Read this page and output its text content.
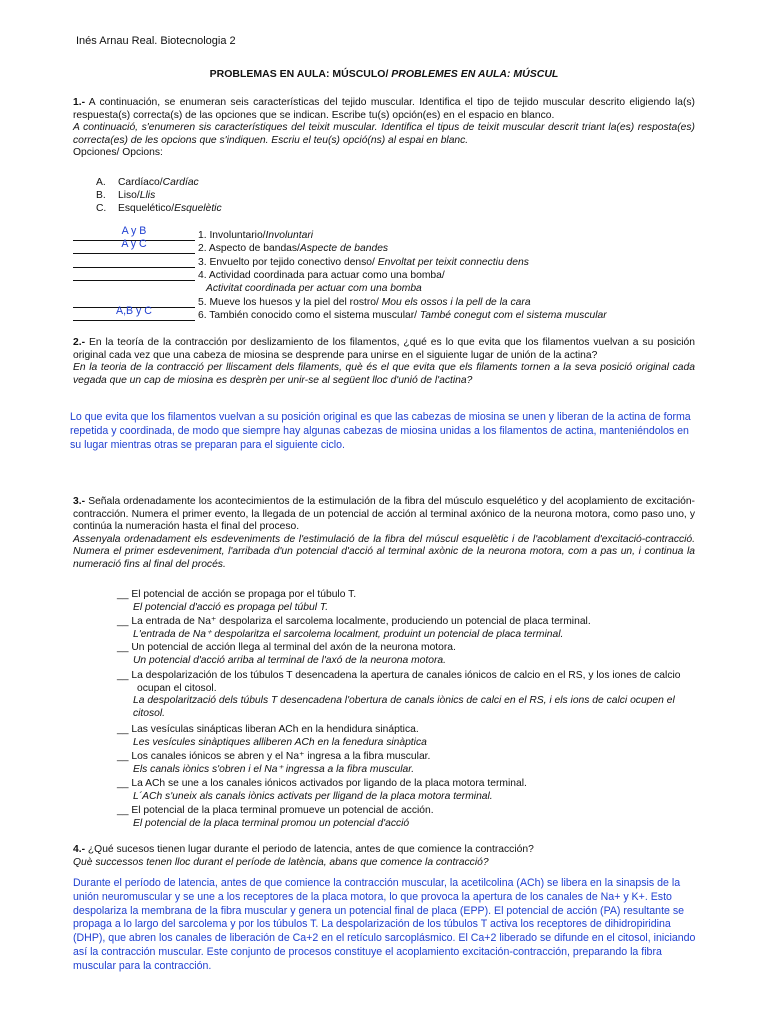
Inés Arnau Real. Biotecnologia 2
PROBLEMAS EN AULA: MÚSCULO/ PROBLEMES EN AULA: MÚSCUL
1.- A continuación, se enumeran seis características del tejido muscular. Identifica el tipo de tejido muscular descrito eligiendo la(s) respuesta(s) correcta(s) de las opciones que se indican. Escribe tu(s) opción(es) en el espacio en blanco.
A continuació, s'enumeren sis característiques del teixit muscular. Identifica el tipus de teixit muscular descrit triant la(es) resposta(es) correcta(es) de les opcions que s'indiquen. Escriu el teu(s) opció(ns) al espai en blanc.
Opciones/ Opcions:
A. Cardíaco/Cardíac
B. Liso/Llis
C. Esquelético/Esquelètic
A y B	1. Involuntario/Involuntari
A y C	2. Aspecto de bandas/Aspecte de bandes
3. Envuelto por tejido conectivo denso/ Envoltat per teixit connectiu dens
4. Actividad coordinada para actuar como una bomba/
Activitat coordinada per actuar com una bomba
5. Mueve los huesos y la piel del rostro/ Mou els ossos i la pell de la cara
A,B y C	6. También conocido como el sistema muscular/ També conegut com el sistema muscular
2.- En la teoría de la contracción por deslizamiento de los filamentos, ¿qué es lo que evita que los filamentos vuelvan a su posición original cada vez que una cabeza de miosina se desprende para unirse en el siguiente lugar de unión de la actina?
En la teoria de la contracció per lliscament dels filaments, què és el que evita que els filaments tornen a la seva posició original cada vegada que un cap de miosina es desprèn per unir-se al següent lloc d'unió de l'actina?
Lo que evita que los filamentos vuelvan a su posición original es que las cabezas de miosina se unen y liberan de la actina de forma repetida y coordinada, de modo que siempre hay algunas cabezas de miosina unidas a los filamentos de actina, manteniéndolos en su lugar mientras otras se preparan para el siguiente ciclo.
3.- Señala ordenadamente los acontecimientos de la estimulación de la fibra del músculo esquelético y del acoplamiento de excitación-contracción. Numera el primer evento, la llegada de un potencial de acción al terminal axónico de la neurona motora, como paso uno, y continúa la numeración hasta el final del proceso.
Assenyala ordenadament els esdeveniments de l'estimulació de la fibra del múscul esquelètic i de l'acoblament d'excitació-contracció. Numera el primer esdeveniment, l'arribada d'un potencial d'acció al terminal axònic de la neurona motora, com a pas un, i continua la numeració fins al final del procés.
__ El potencial de acción se propaga por el túbulo T.
El potencial d'acció es propaga pel túbul T.
__ La entrada de Na⁺ despolariza el sarcolema localmente, produciendo un potencial de placa terminal.
L'entrada de Na⁺ despolaritza el sarcolema localment, produint un potencial de placa terminal.
__ Un potencial de acción llega al terminal del axón de la neurona motora.
Un potencial d'acció arriba al terminal de l'axó de la neurona motora.
__ La despolarización de los túbulos T desencadena la apertura de canales iónicos de calcio en el RS, y los iones de calcio
ocupan el citosol.
La despolarització dels túbuls T desencadena l'obertura de canals iònics de calci en el RS, i els ions de calci ocupen el citosol.
__ Las vesículas sinápticas liberan ACh en la hendidura sináptica.
Les vesícules sinàptiques alliberen ACh en la fenedura sinàptica
__ Los canales iónicos se abren y el Na⁺ ingresa a la fibra muscular.
Els canals iònics s'obren i el Na⁺ ingressa a la fibra muscular.
__ La ACh se une a los canales iónicos activados por ligando de la placa motora terminal.
L´ACh s'uneix als canals iònics activats per lligand de la placa motora terminal.
__ El potencial de la placa terminal promueve un potencial de acción.
El potencial de la placa terminal promou un potencial d'acció
4.- ¿Qué sucesos tienen lugar durante el periodo de latencia, antes de que comience la contracción?
Què successos tenen lloc durant el període de latència, abans que comence la contracció?
Durante el período de latencia, antes de que comience la contracción muscular, la acetilcolina (ACh) se libera en la sinapsis de la unión neuromuscular y se une a los receptores de la placa motora, lo que provoca la apertura de los canales de Na+ y K+. Esto despolariza la membrana de la fibra muscular y genera un potencial final de placa (EPP). El potencial de acción (PA) resultante se propaga a lo largo del sarcolema y por los túbulos T. La despolarización de los túbulos T activa los receptores de dihidropiridina (DHP), que abren los canales de liberación de Ca+2 en el retículo sarcoplásmico. El Ca+2 liberado se difunde en el citosol, iniciando así la contracción muscular. Este conjunto de procesos constituye el acoplamiento excitación-contracción, preparando la fibra muscular para la contracción.
